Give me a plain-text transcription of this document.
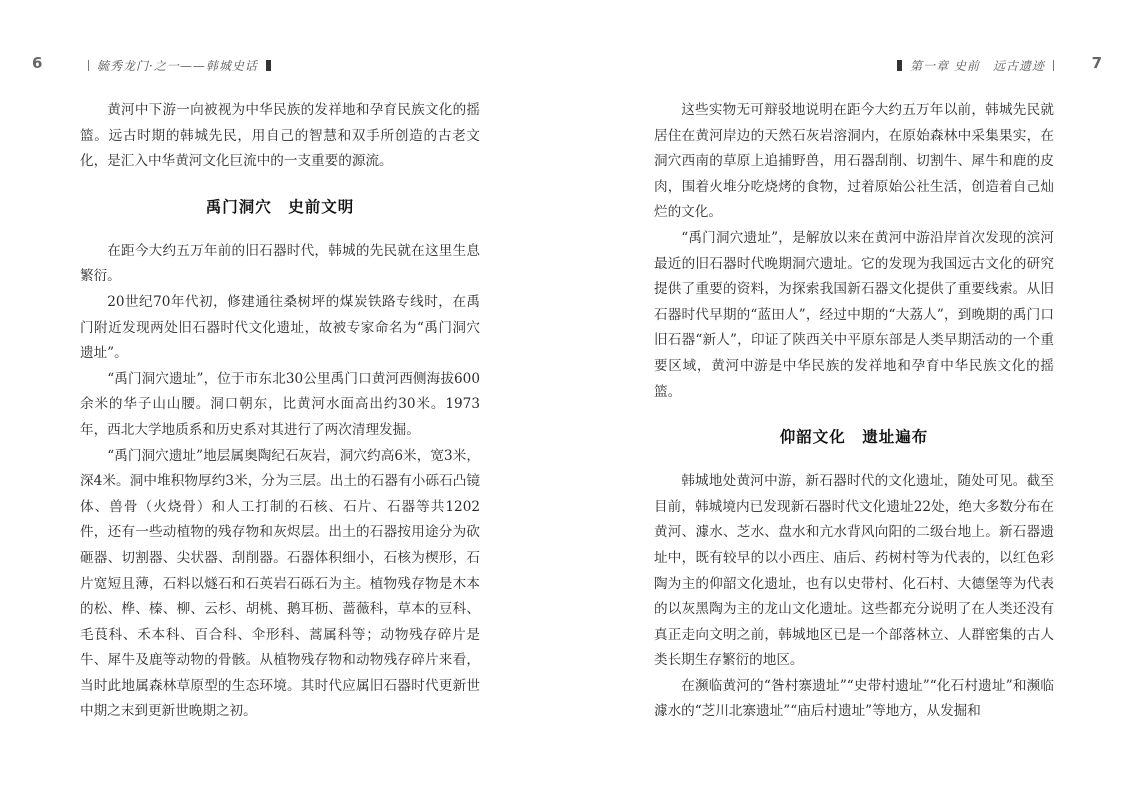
6	毓秀龙门·之一——韩城史话

黄河中下游一向被视为中华民族的发祥地和孕育民族文化的摇篮。远古时期的韩城先民，用自己的智慧和双手所创造的古老文化，是汇入中华黄河文化巨流中的一支重要的源流。

禹门洞穴　史前文明

在距今大约五万年前的旧石器时代，韩城的先民就在这里生息繁衍。

20世纪70年代初，修建通往桑树坪的煤炭铁路专线时，在禹门附近发现两处旧石器时代文化遗址，故被专家命名为“禹门洞穴遗址”。

“禹门洞穴遗址”，位于市东北30公里禹门口黄河西侧海拔600余米的华子山山腰。洞口朝东，比黄河水面高出约30米。1973年，西北大学地质系和历史系对其进行了两次清理发掘。

“禹门洞穴遗址”地层属奥陶纪石灰岩，洞穴约高6米，宽3米，深4米。洞中堆积物厚约3米，分为三层。出土的石器有小砾石凸镜体、兽骨（火烧骨）和人工打制的石核、石片、石器等共1202件，还有一些动植物的残存物和灰烬层。出土的石器按用途分为砍砸器、切割器、尖状器、刮削器。石器体积细小，石核为楔形，石片宽短且薄，石料以燧石和石英岩石砾石为主。植物残存物是木本的松、桦、榛、柳、云杉、胡桃、鹅耳枥、蔷薇科，草本的豆科、毛茛科、禾本科、百合科、伞形科、蒿属科等；动物残存碎片是牛、犀牛及鹿等动物的骨骸。从植物残存物和动物残存碎片来看，当时此地属森林草原型的生态环境。其时代应属旧石器时代更新世中期之末到更新世晚期之初。

第一章 史前　远古遗迹	7

这些实物无可辩驳地说明在距今大约五万年以前，韩城先民就居住在黄河岸边的天然石灰岩溶洞内，在原始森林中采集果实，在洞穴西南的草原上追捕野兽，用石器刮削、切割牛、犀牛和鹿的皮肉，围着火堆分吃烧烤的食物，过着原始公社生活，创造着自己灿烂的文化。

“禹门洞穴遗址”，是解放以来在黄河中游沿岸首次发现的滨河最近的旧石器时代晚期洞穴遗址。它的发现为我国远古文化的研究提供了重要的资料，为探索我国新石器文化提供了重要线索。从旧石器时代早期的“蓝田人”，经过中期的“大荔人”，到晚期的禹门口旧石器“新人”，印证了陕西关中平原东部是人类早期活动的一个重要区域，黄河中游是中华民族的发祥地和孕育中华民族文化的摇篮。

仰韶文化　遗址遍布

韩城地处黄河中游，新石器时代的文化遗址，随处可见。截至目前，韩城境内已发现新石器时代文化遗址22处，绝大多数分布在黄河、澽水、芝水、盘水和亢水背风向阳的二级台地上。新石器遗址中，既有较早的以小西庄、庙后、药树村等为代表的，以红色彩陶为主的仰韶文化遗址，也有以史带村、化石村、大德堡等为代表的以灰黑陶为主的龙山文化遗址。这些都充分说明了在人类还没有真正走向文明之前，韩城地区已是一个部落林立、人群密集的古人类长期生存繁衍的地区。

在濒临黄河的“昝村寨遗址”“史带村遗址”“化石村遗址”和濒临澽水的“芝川北寨遗址”“庙后村遗址”等地方，从发掘和
